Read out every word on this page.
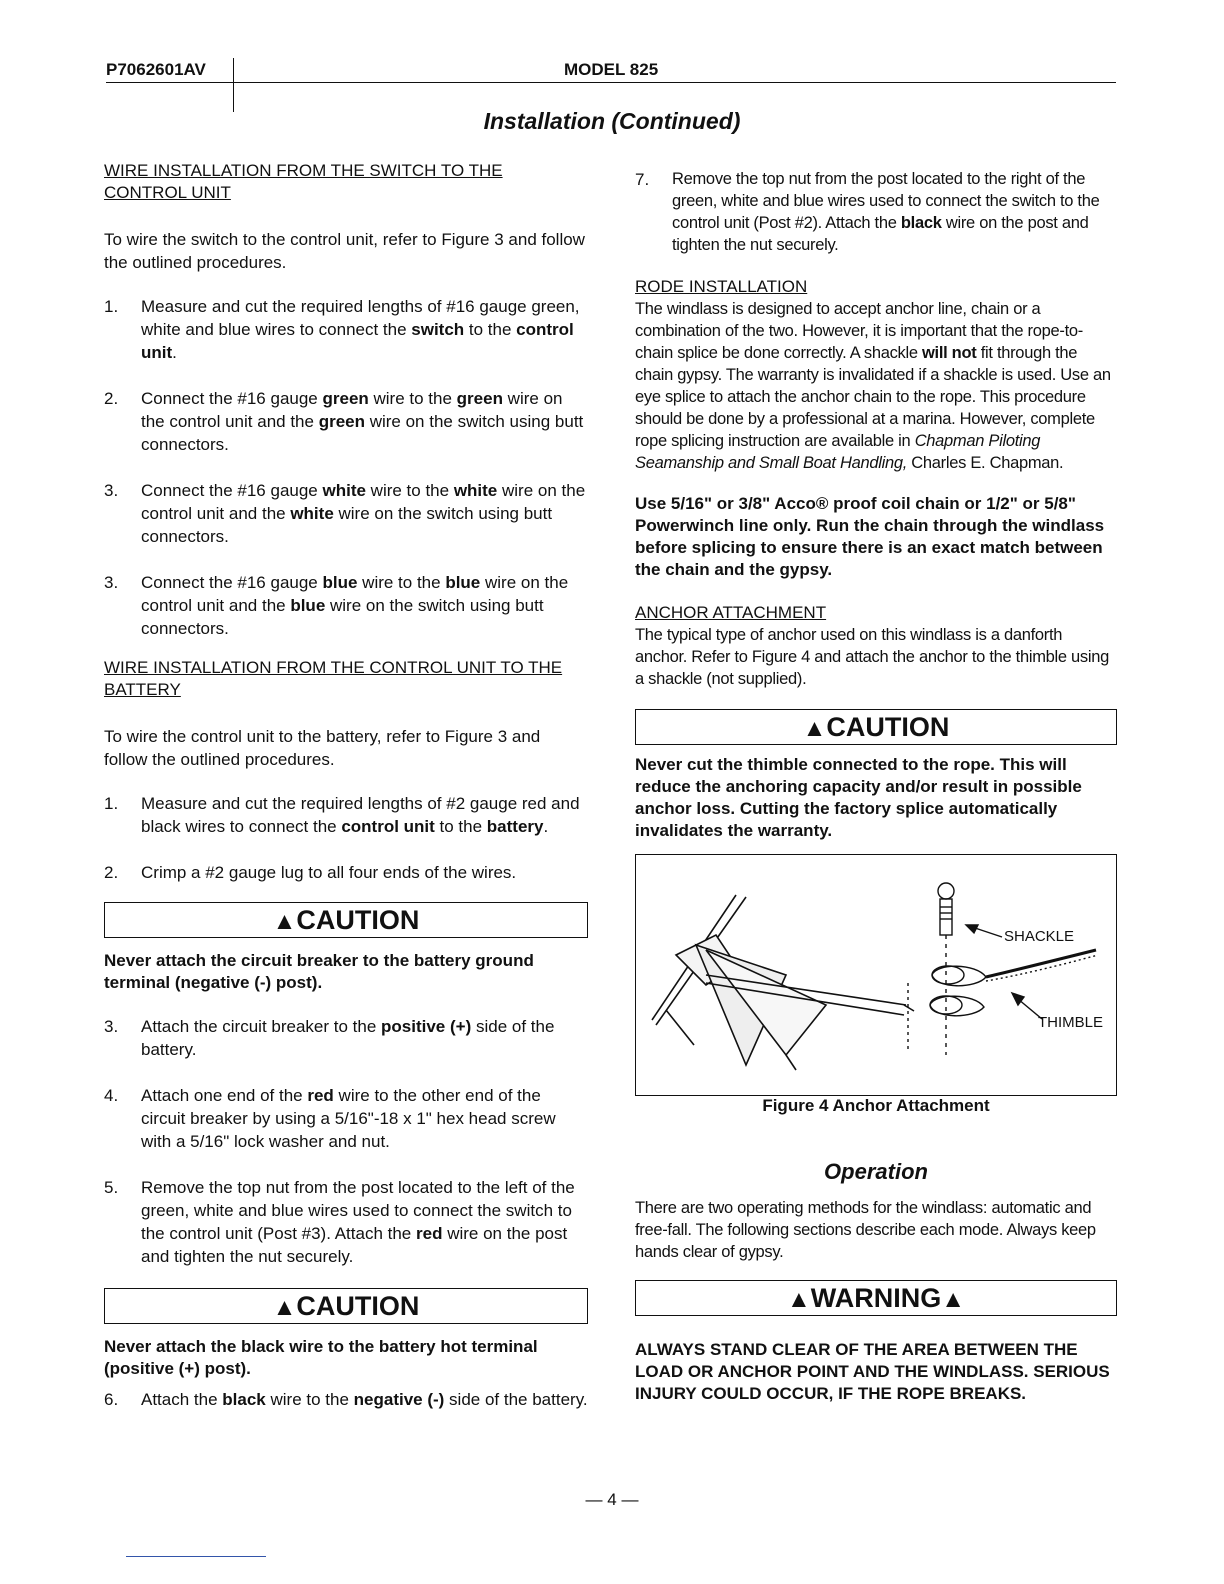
P7062601AV	MODEL 825
Installation (Continued)

WIRE INSTALLATION FROM THE SWITCH TO THE CONTROL UNIT

To wire the switch to the control unit, refer to Figure 3 and follow the outlined procedures.

1.	Measure and cut the required lengths of #16 gauge green, white and blue wires to connect the switch to the control unit.
2.	Connect the #16 gauge green wire to the green wire on the control unit and the green wire on the switch using butt connectors.
3.	Connect the #16 gauge white wire to the white wire on the control unit and the white wire on the switch using butt connectors.
3.	Connect the #16 gauge blue wire to the blue wire on the control unit and the blue wire on the switch using butt connectors.

WIRE INSTALLATION FROM THE CONTROL UNIT TO THE BATTERY

To wire the control unit to the battery, refer to Figure 3 and follow the outlined procedures.

1.	Measure and cut the required lengths of #2 gauge red and black wires to connect the control unit to the battery.
2.	Crimp a #2 gauge lug to all four ends of the wires.
▲CAUTION

Never attach the circuit breaker to the battery ground terminal (negative (-) post).

3.	Attach the circuit breaker to the positive (+) side of the battery.
4.	Attach one end of the red wire to the other end of the circuit breaker by using a 5/16"-18 x 1" hex head screw with a 5/16" lock washer and nut.
5.	Remove the top nut from the post located to the left of the green, white and blue wires used to connect the switch to the control unit (Post #3). Attach the red wire on the post and tighten the nut securely.
▲CAUTION

Never attach the black wire to the battery hot terminal (positive (+) post).

6.	Attach the black wire to the negative (-) side of the battery.
7.	Remove the top nut from the post located to the right of the green, white and blue wires used to connect the switch to the control unit (Post #2). Attach the black wire on the post and tighten the nut securely.

RODE INSTALLATION

The windlass is designed to accept anchor line, chain or a combination of the two. However, it is important that the rope-to-chain splice be done correctly. A shackle will not fit through the chain gypsy. The warranty is invalidated if a shackle is used. Use an eye splice to attach the anchor chain to the rope. This procedure should be done by a professional at a marina. However, complete rope splicing instruction are available in Chapman Piloting Seamanship and Small Boat Handling, Charles E. Chapman.

Use 5/16" or 3/8" Acco® proof coil chain or 1/2" or 5/8" Powerwinch line only. Run the chain through the windlass before splicing to ensure there is an exact match between the chain and the gypsy.

ANCHOR ATTACHMENT

The typical type of anchor used on this windlass is a danforth anchor. Refer to Figure 4 and attach the anchor to the thimble using a shackle (not supplied).

▲CAUTION

Never cut the thimble connected to the rope. This will reduce the anchoring capacity and/or result in possible anchor loss. Cutting the factory splice automatically invalidates the warranty.

SHACKLE
THIMBLE

Figure 4 Anchor Attachment

Operation

There are two operating methods for the windlass: automatic and free-fall. The following sections describe each mode. Always keep hands clear of gypsy.

▲WARNING▲

ALWAYS STAND CLEAR OF THE AREA BETWEEN THE LOAD OR ANCHOR POINT AND THE WINDLASS. SERIOUS INJURY COULD OCCUR, IF THE ROPE BREAKS.

— 4 —
